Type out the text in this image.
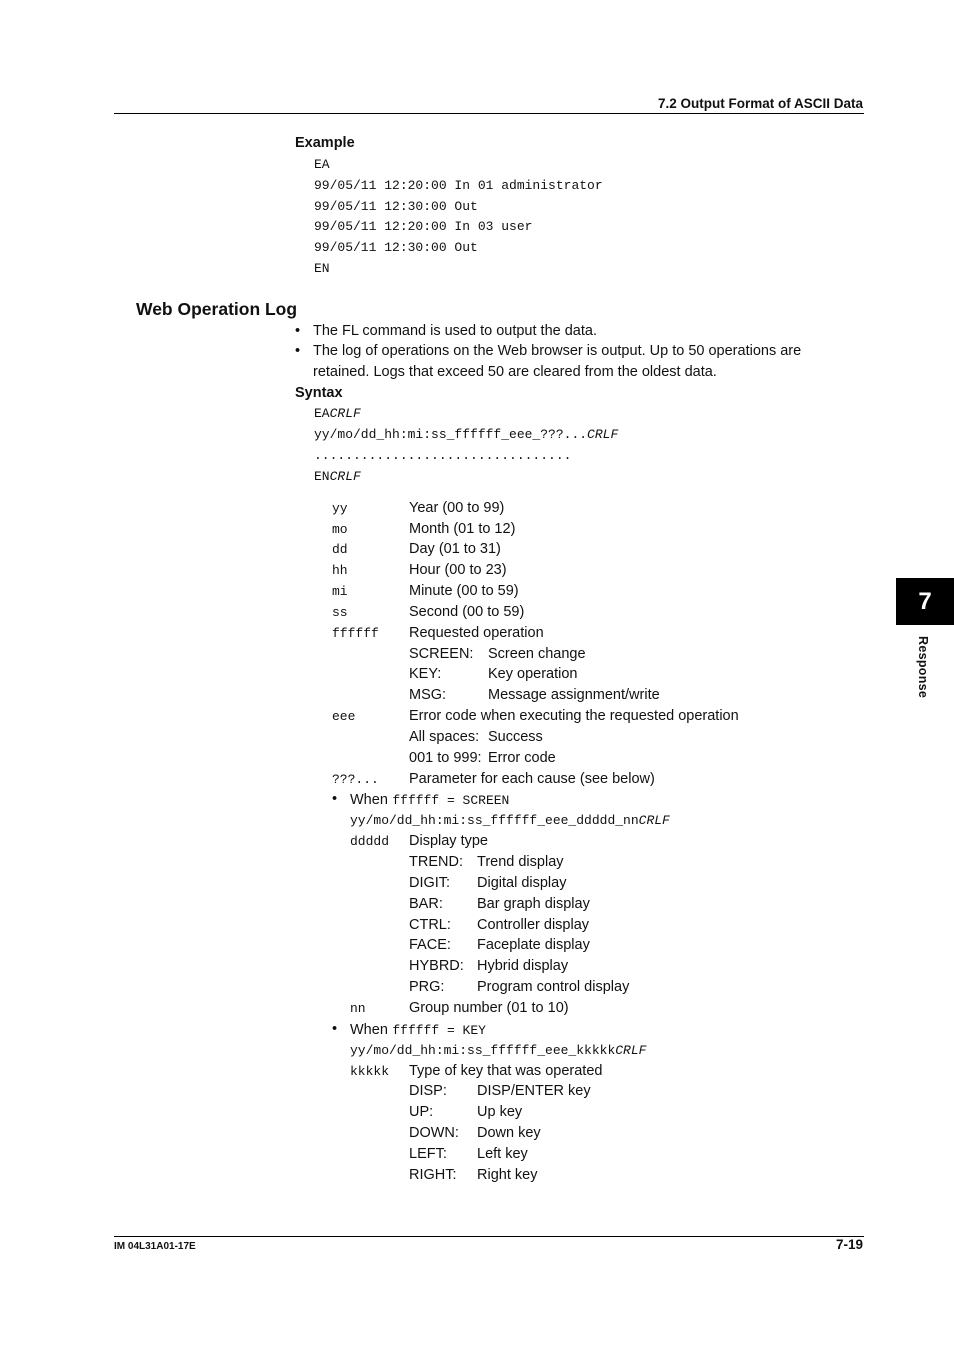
7.2 Output Format of ASCII Data
Example
EA
99/05/11 12:20:00 In 01 administrator
99/05/11 12:30:00 Out
99/05/11 12:20:00 In 03 user
99/05/11 12:30:00 Out
EN
Web Operation Log
• The FL command is used to output the data.
• The log of operations on the Web browser is output. Up to 50 operations are
retained. Logs that exceed 50 are cleared from the oldest data.
Syntax
EACRLF
yy/mo/dd_hh:mi:ss_ffffff_eee_???...CRLF
.................................
ENCRLF
yy	Year (00 to 99)
mo	Month (01 to 12)
dd	Day (01 to 31)
hh	Hour (00 to 23)
mi	Minute (00 to 59)
ss	Second (00 to 59)
ffffff Requested operation
SCREEN: Screen change
KEY:	Key operation
MSG:	Message assignment/write
eee	Error code when executing the requested operation
All spaces: Success
001 to 999: Error code
???... Parameter for each cause (see below)
• When ffffff = SCREEN
yy/mo/dd_hh:mi:ss_ffffff_eee_ddddd_nnCRLF
ddddd Display type
TREND: Trend display
DIGIT: Digital display
BAR: Bar graph display
CTRL: Controller display
FACE: Faceplate display
HYBRD: Hybrid display
PRG: Program control display
nn	Group number (01 to 10)
• When ffffff = KEY
yy/mo/dd_hh:mi:ss_ffffff_eee_kkkkkCRLF
kkkkk Type of key that was operated
DISP: DISP/ENTER key
UP:	Up key
DOWN: Down key
LEFT: Left key
RIGHT: Right key
7
Response
IM 04L31A01-17E	7-19
